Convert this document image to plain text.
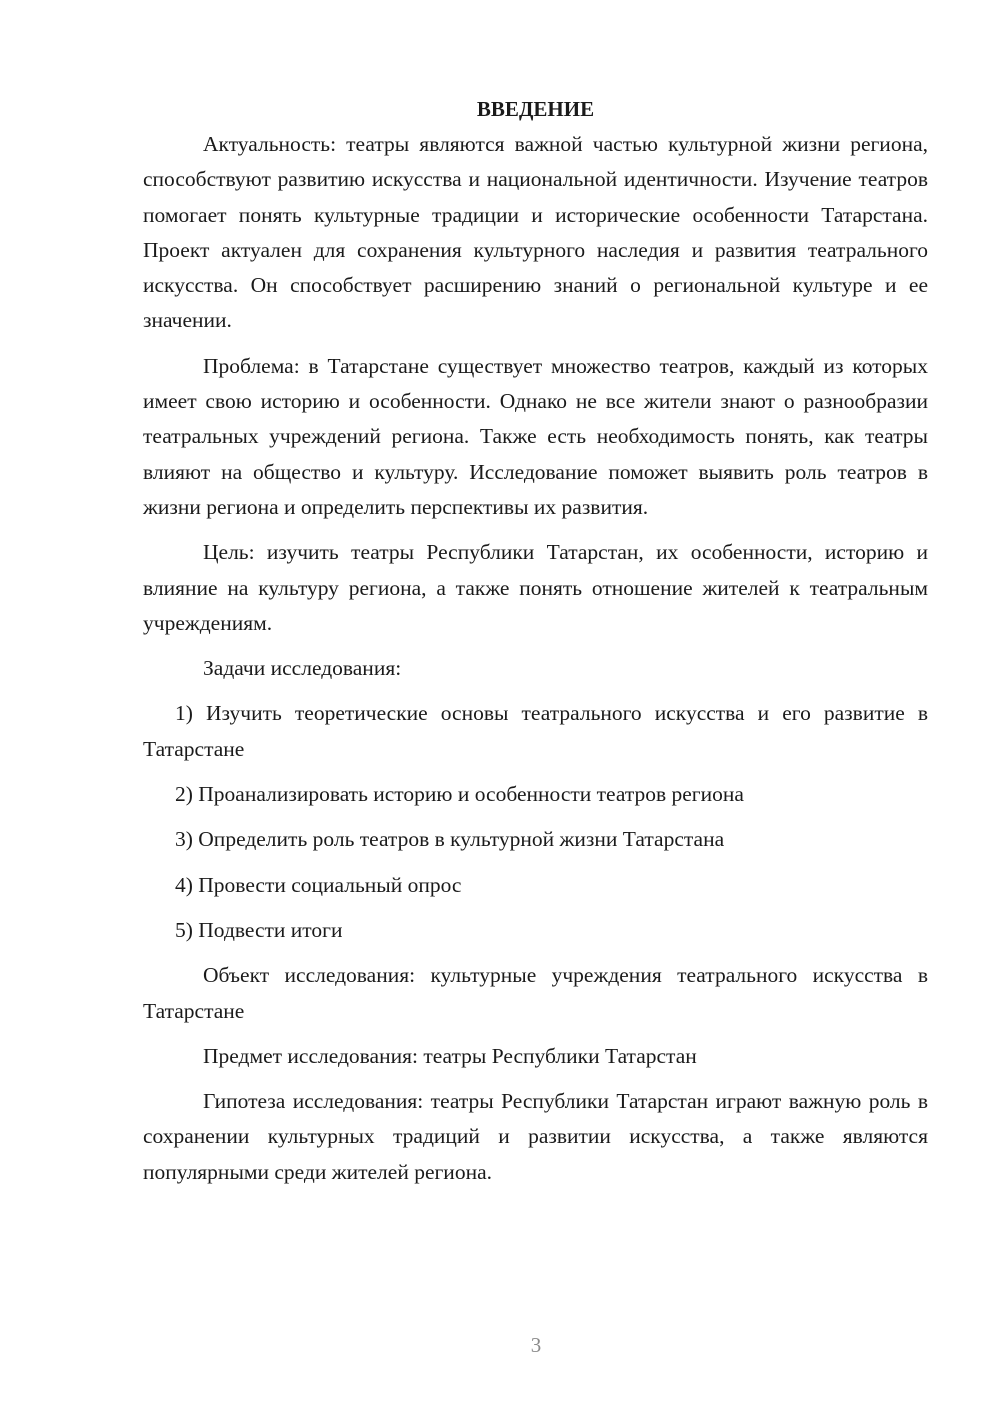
ВВЕДЕНИЕ

Актуальность: театры являются важной частью культурной жизни региона, способствуют развитию искусства и национальной идентичности. Изучение театров помогает понять культурные традиции и исторические особенности Татарстана. Проект актуален для сохранения культурного наследия и развития театрального искусства. Он способствует расширению знаний о региональной культуре и ее значении.

Проблема: в Татарстане существует множество театров, каждый из которых имеет свою историю и особенности. Однако не все жители знают о разнообразии театральных учреждений региона. Также есть необходимость понять, как театры влияют на общество и культуру. Исследование поможет выявить роль театров в жизни региона и определить перспективы их развития.

Цель: изучить театры Республики Татарстан, их особенности, историю и влияние на культуру региона, а также понять отношение жителей к театральным учреждениям.

Задачи исследования:

1) Изучить теоретические основы театрального искусства и его развитие в Татарстане

2) Проанализировать историю и особенности театров региона

3) Определить роль театров в культурной жизни Татарстана

4) Провести социальный опрос

5) Подвести итоги

Объект исследования: культурные учреждения театрального искусства в Татарстане

Предмет исследования: театры Республики Татарстан

Гипотеза исследования: театры Республики Татарстан играют важную роль в сохранении культурных традиций и развитии искусства, а также являются популярными среди жителей региона.

3
